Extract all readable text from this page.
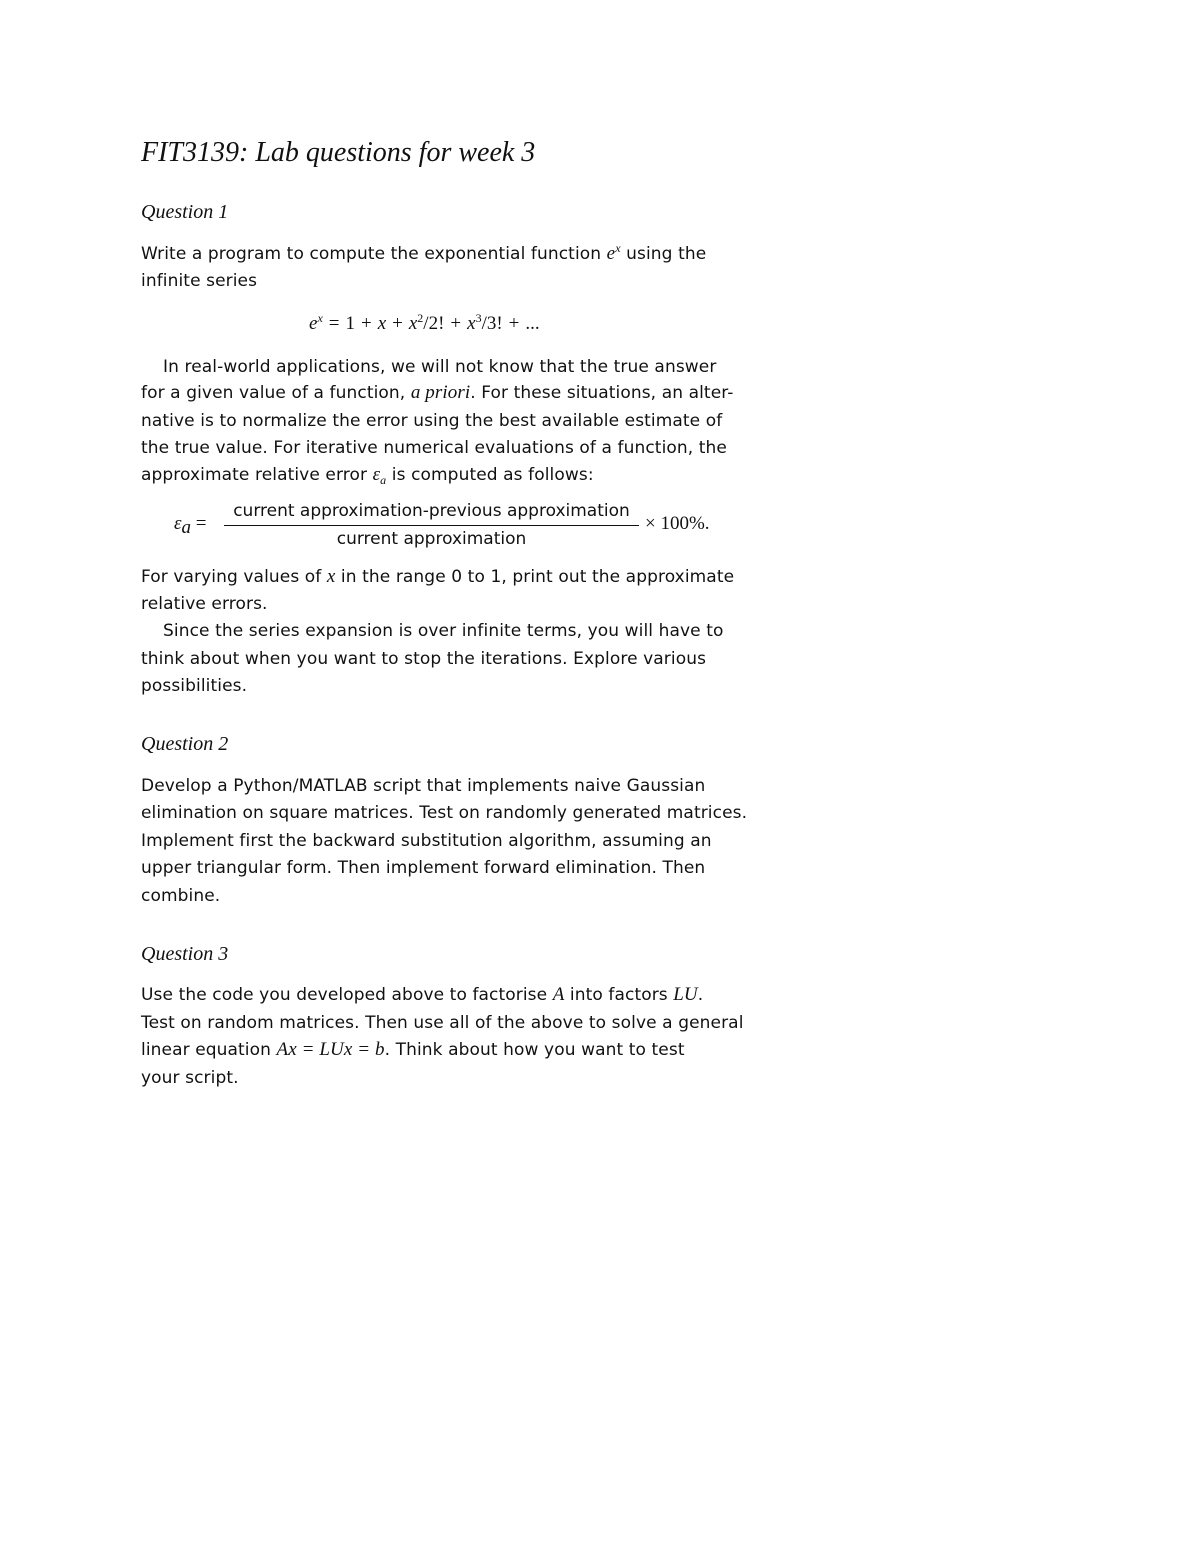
FIT3139: Lab questions for week 3
Question 1
Write a program to compute the exponential function $e^x$ using the
infinite series
$e^x = 1 + x + x^2/2$! + $x^3/3$! + ...
In real-world applications, we will not know that the true answer
for a given value of a function, a priori. For these situations, an alter-
native is to normalize the error using the best available estimate of
the true value. For iterative numerical evaluations of a function, the
approximate relative error $\varepsilon_a$ is computed as follows:
$\varepsilon_a$ =
current approximation-previous approximation
current approximation
× 100%.
For varying values of x in the range 0 to 1, print out the approximate
relative errors.
Since the series expansion is over infinite terms, you will have to
think about when you want to stop the iterations. Explore various
possibilities.
Question 2
Develop a Python/MATLAB script that implements naive Gaussian
elimination on square matrices. Test on randomly generated matrices.
Implement first the backward substitution algorithm, assuming an
upper triangular form. Then implement forward elimination. Then
combine.
Question 3
Use the code you developed above to factorise A into factors LU.
Test on random matrices. Then use all of the above to solve a general
linear equation Ax = LUx = b. Think about how you want to test
your script.
